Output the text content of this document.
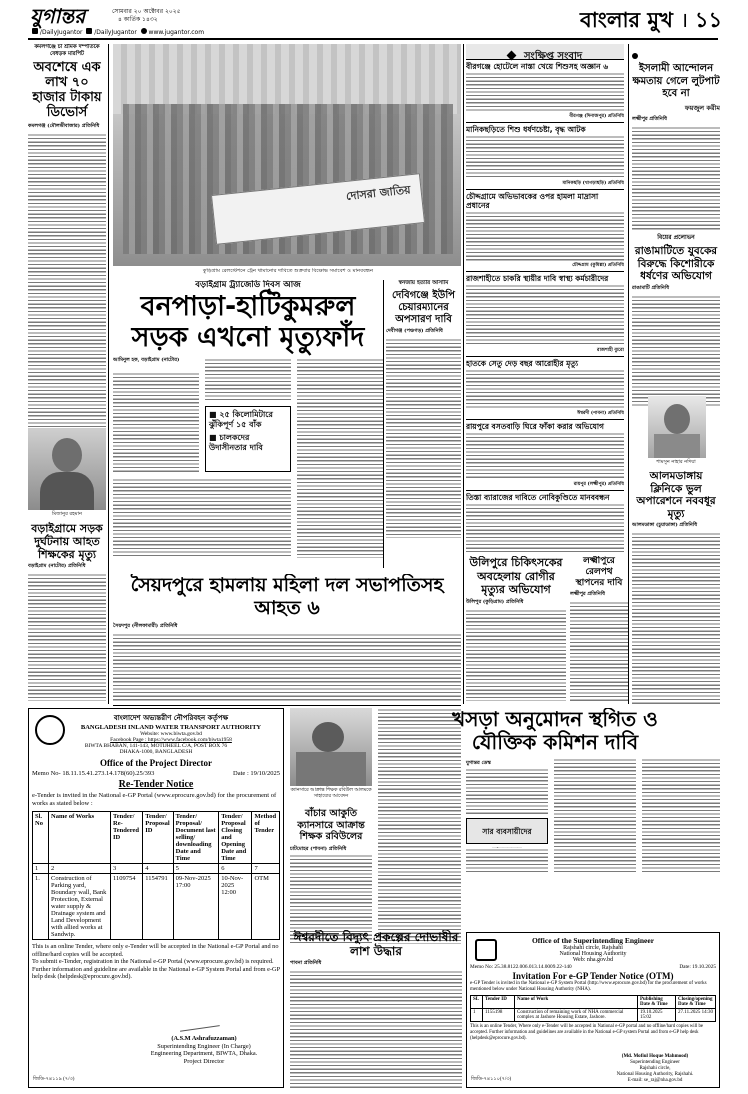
যুগান্তর	সোমবার ২০ অক্টোবর ২০২৫
৪ কার্তিক ১৪৩২
/DailyJugantor /DailyJugantor www.jugantor.com
বাংলার মুখ । ১১
কমলগঞ্জে চা শ্রমিক দম্পতিকে বেধড়ক মারপিট
অবশেষে এক লাখ ৭০ হাজার টাকায় ডিভোর্স
কমলগঞ্জ (মৌলভীবাজার) প্রতিনিধি
মিজানুর রহমান
বড়াইগ্রামে সড়ক দুর্ঘটনায় আহত শিক্ষকের মৃত্যু
বড়াইগ্রাম (নাটোর) প্রতিনিধি
দোসরা জাতিয়
কুড়িগ্রাম রেলস্টেশনে ট্রেন থামানোর দাবিতে শুক্রবার বিক্ষোভ সমাবেশ ও মানববন্ধন
বড়াইগ্রাম ট্র্যাজেডি দিবস আজ
বনপাড়া-হাটিকুমরুল
সড়ক এখনো মৃত্যুফাঁদ
আমিনুল হক, বড়াইগ্রাম (নাটোর)
■ ২৫ কিলোমিটারে ঝুঁকিপূর্ণ ১৫ বাঁক
■ চালকদের উদাসীনতার দাবি
স্বনজায় হত্যার আসামি
দেবিগঞ্জে ইউপি চেয়ারম্যানের অপসারণ দাবি
দেবীগঞ্জ (পঞ্চগড়) প্রতিনিধি
সৈয়দপুরে হামলায় মহিলা দল সভাপতিসহ আহত ৬
সৈয়দপুর (নীলফামারী) প্রতিনিধি
ক্যানসারে আক্রান্ত শিক্ষক রবিউল আলমকে সাহায্যের আবেদন
বাঁচার আকুতি ক্যানসারে আক্রান্ত শিক্ষক রবিউলের
চাটমোহর (পাবনা) প্রতিনিধি
সংক্ষিপ্ত সংবাদ
বীরগঞ্জে হোটেলে নাস্তা খেয়ে শিশুসহ অজ্ঞান ৬
বীরগঞ্জ (দিনাজপুর) প্রতিনিধি
মানিকছড়িতে শিশু ধর্ষণচেষ্টা, বৃদ্ধ আটক
মানিকছড়ি (খাগড়াছড়ি) প্রতিনিধি
চৌদ্দগ্রামে অভিভাবকের ওপর হামলা মাদ্রাসা প্রধানের
চৌদ্দগ্রাম (কুমিল্লা) প্রতিনিধি
রাজশাহীতে চাকরি স্থায়ীর দাবি স্বাস্থ্য কর্মচারীদের
রাজশাহী ব্যুরো
হাতকে সেতু দেড় বছর আরোহীর মৃত্যু
ঈশ্বরদী (পাবনা) প্রতিনিধি
রায়পুরে বসতবাড়ি ঘিরে ফাঁকা করার অভিযোগ
রায়পুর (লক্ষ্মীপুর) প্রতিনিধি
তিস্তা ব্যারাজের দাবিতে নোবিকুণ্ডিতে মানববন্ধন
উলিপুরে চিকিৎসকের অবহেলায় রোগীর মৃত্যুর অভিযোগ
উলিপুর (কুড়িগ্রাম) প্রতিনিধি
লক্ষ্মীপুরে রেলপথ স্থাপনের দাবি
লক্ষ্মীপুর প্রতিনিধি
ইসলামী আন্দোলন ক্ষমতায় গেলে লুটপাট হবে না
ফয়জুল করীম
লক্ষ্মীপুর প্রতিনিধি
বিয়ের প্রলোভন
রাঙামাটিতে যুবকের বিরুদ্ধে কিশোরীকে ধর্ষণের অভিযোগ
রাঙামাটি প্রতিনিধি
শামসুন নাহার নদিয়া
আলমডাঙ্গায় ক্লিনিকে ভুল অপারেশনে নববধূর মৃত্যু
আলমডাঙ্গা (চুয়াডাঙ্গা) প্রতিনিধি
খসড়া অনুমোদন স্থগিত ও
যৌক্তিক কমিশন দাবি
যুগান্তর ডেস্ক
সার ব্যবসায়ীদের
ঈশ্বরদীতে বিদ্যুৎ প্রকল্পের দোভাষীর লাশ উদ্ধার
পাবনা প্রতিনিধি
বাংলাদেশ অভ্যন্তরীণ নৌপরিবহন কর্তৃপক্ষ
BANGLADESH INLAND WATER TRANSPORT AUTHORITY
Website: www.biwta.gov.bd
Facebook Page : https://www.facebook.com/biwta1958
BIWTA BHABAN, 141-143, MOTIJHEEL C/A, POST BOX 76
DHAKA-1000, BANGLADESH
Office of the Project Director
Memo No- 18.11.15.41.273.14.178(60).25/393	Date : 19/10/2025
Re-Tender Notice
e-Tender is invited in the National e-GP Portal (www.eprocure.gov.bd) for the procurement of works as stated below :
Sl. No	Name of Works	Tender/ Re-Tendered ID	Tender/ Proposal ID	Tender/ Proposal/ Document last selling/ downloading Date and Time	Tender/ Proposal Closing and Opening Date and Time	Method of Tender
1	2	3	4	5	6	7
1.	Construction of Parking yard, Boundary wall, Bank Protection, External water supply & Drainage system and Land Development with allied works at Sandwip.	1109754	1154791	09-Nov-2025 17:00	10-Nov-2025 12:00	OTM
This is an online Tender, where only e-Tender will be accepted in the National e-GP Portal and no offline/hard copies will be accepted.
To submit e-Tender, registration in the National e-GP Portal (www.eprocure.gov.bd) is required.
Further information and guideline are available in the National e-GP System Portal and from e-GP help desk (helpdesk@eprocure.gov.bd).
(A.S.M Ashrafuzzaman)
Superintending Engineer (In Charge)
Engineering Department, BIWTA, Dhaka.
Project Director
জিডি-৭৪১১৯ (৭/৩)
Office of the Superintending Engineer
Rajshahi circle, Rajshahi
National Housing Authority
Web: nha.gov.bd
Memo No: 25.38.8122.006.013.14.0009.22-140	Date: 19.10.2025
Invitation For e-GP Tender Notice (OTM)
e-GP Tender is invited in the National e-GP System Portal (http://www.eprocure.gov.bd) for the procurement of works mentioned below under National Housing Authority (NHA).
SL	Tender ID	Name of Work	Publishing Date & Time	Closing/opening Date & Time
1	1155198	Construction of remaining work of NHA commercial complex at Jashore Housing Estate, Jashore.	19.10.2025 15:02	27.11.2025 14:30
This is an online Tender, Where only e-Tender will be accepted in National e-GP portal and no offline/hard copies will be accepted. Further information and guidelines are available in the National e-GP system Portal and from e-GP help desk (helpdesk@eprocure.gov.bd).
(Md. Mofiul Hoque Mahmood)
Superintending Engineer
Rajshahi circle,
National Housing Authority, Rajshahi.
E-mail: se_raj@nha.gov.bd
জিডি-৭৪১১০(৭/৩)
